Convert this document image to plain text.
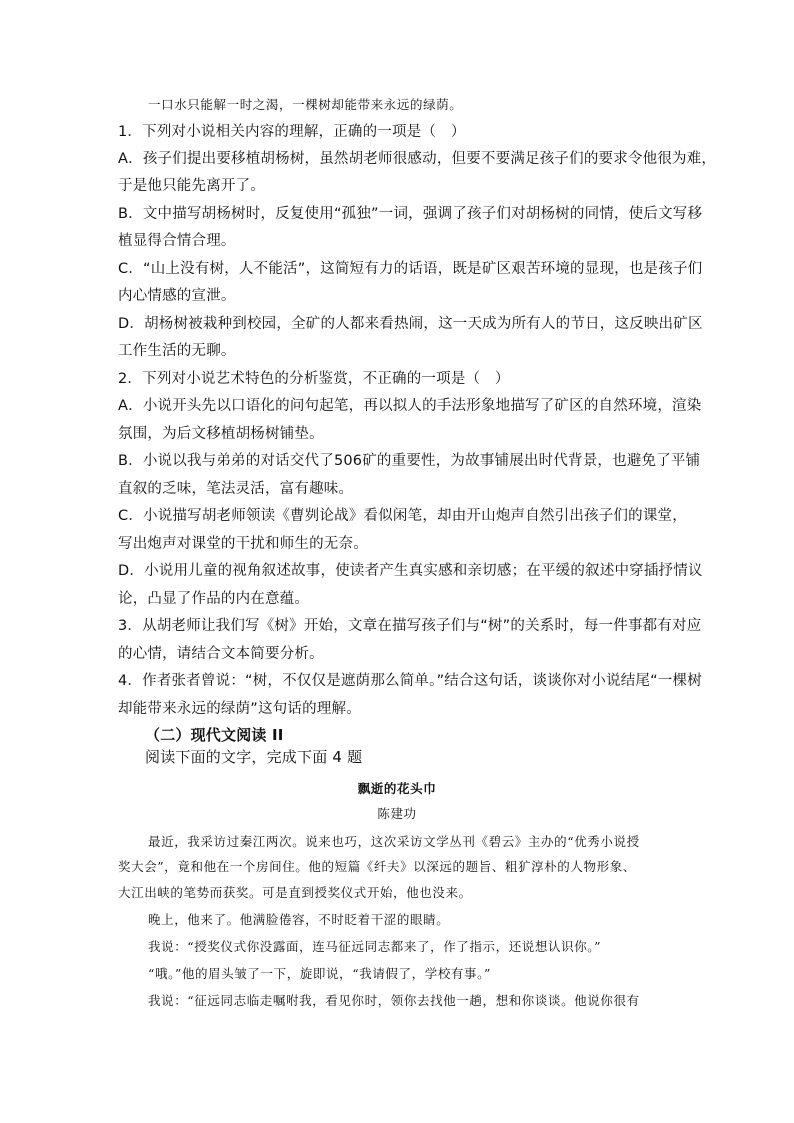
一口水只能解一时之渴，一棵树却能带来永远的绿荫。

1．下列对小说相关内容的理解，正确的一项是（　）

A．孩子们提出要移植胡杨树，虽然胡老师很感动，但要不要满足孩子们的要求令他很为难，

于是他只能先离开了。

B．文中描写胡杨树时，反复使用“孤独”一词，强调了孩子们对胡杨树的同情，使后文写移

植显得合情合理。

C．“山上没有树，人不能活”，这简短有力的话语，既是矿区艰苦环境的显现，也是孩子们

内心情感的宣泄。

D．胡杨树被栽种到校园，全矿的人都来看热闹，这一天成为所有人的节日，这反映出矿区

工作生活的无聊。

2．下列对小说艺术特色的分析鉴赏，不正确的一项是（　）

A．小说开头先以口语化的问句起笔，再以拟人的手法形象地描写了矿区的自然环境，渲染

氛围，为后文移植胡杨树铺垫。

B．小说以我与弟弟的对话交代了506矿的重要性，为故事铺展出时代背景，也避免了平铺

直叙的乏味，笔法灵活，富有趣味。

C．小说描写胡老师领读《曹刿论战》看似闲笔，却由开山炮声自然引出孩子们的课堂，

写出炮声对课堂的干扰和师生的无奈。

D．小说用儿童的视角叙述故事，使读者产生真实感和亲切感；在平缓的叙述中穿插抒情议

论，凸显了作品的内在意蕴。

3．从胡老师让我们写《树》开始，文章在描写孩子们与“树”的关系时，每一件事都有对应

的心情，请结合文本简要分析。

4．作者张者曾说：“树，不仅仅是遮荫那么简单。”结合这句话，谈谈你对小说结尾“一棵树

却能带来永远的绿荫”这句话的理解。

（二）现代文阅读 II

阅读下面的文字，完成下面 4 题

飘逝的花头巾

陈建功

最近，我采访过秦江两次。说来也巧，这次采访文学丛刊《碧云》主办的“优秀小说授

奖大会”，竟和他在一个房间住。他的短篇《纤夫》以深远的题旨、粗犷淳朴的人物形象、

大江出峡的笔势而获奖。可是直到授奖仪式开始，他也没来。

晚上，他来了。他满脸倦容，不时眨着干涩的眼睛。

我说：“授奖仪式你没露面，连马征远同志都来了，作了指示，还说想认识你。”

“哦。”他的眉头皱了一下，旋即说，“我请假了，学校有事。”

我说：“征远同志临走嘱咐我，看见你时，领你去找他一趟，想和你谈谈。他说你很有
